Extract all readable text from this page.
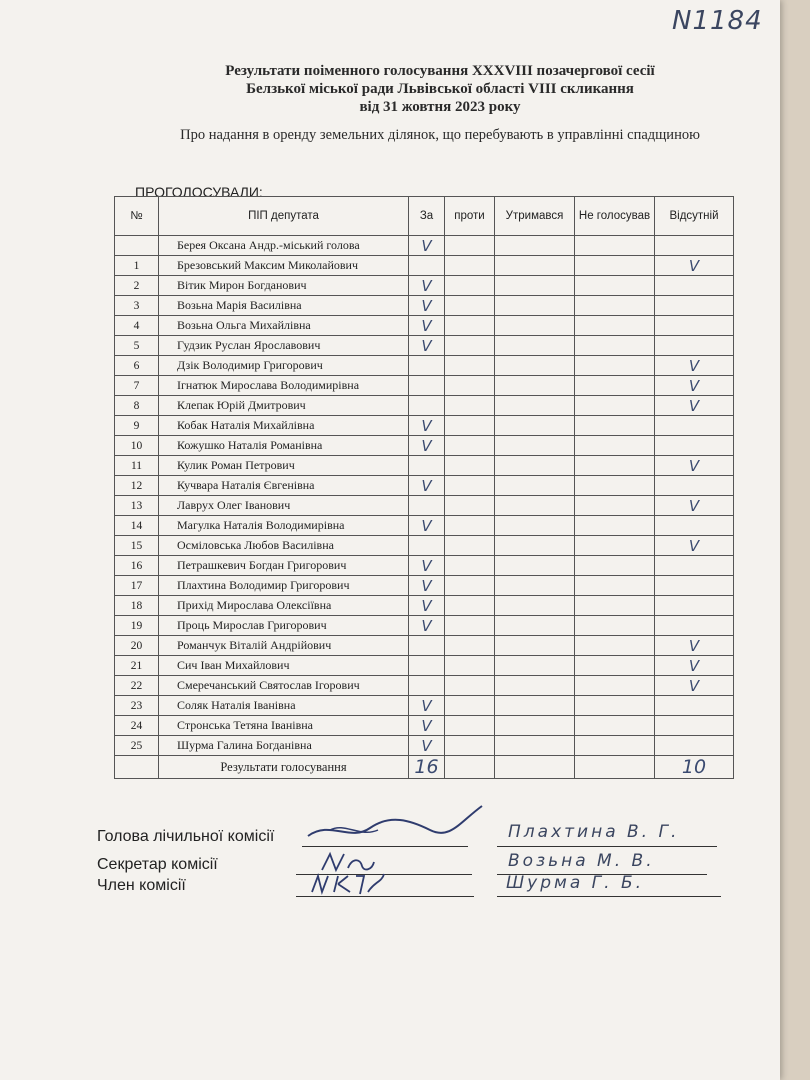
N1184
Результати поіменного голосування XXXVIII позачергової сесії
Белзької міської ради Львівської області VIII скликання
від 31 жовтня 2023 року
Про надання в оренду земельних ділянок, що перебувають в управлінні спадщиною
ПРОГОЛОСУВАЛИ:
№	ПІП депутата	За	проти	Утримався	Не голосував	Відсутній
	Берея Оксана Андр.-міський голова	V				
1	Брезовський Максим Миколайович					V
2	Вітик Мирон Богданович	V				
3	Возьна Марія Василівна	V				
4	Возьна Ольга Михайлівна	V				
5	Гудзик Руслан Ярославович	V				
6	Дзік Володимир Григорович					V
7	Ігнатюк Мирослава Володимирівна					V
8	Клепак Юрій Дмитрович					V
9	Кобак Наталія Михайлівна	V				
10	Кожушко Наталія Романівна	V				
11	Кулик Роман Петрович					V
12	Кучвара Наталія Євгенівна	V				
13	Лаврух Олег Іванович					V
14	Магулка Наталія Володимирівна	V				
15	Осміловська Любов Василівна					V
16	Петрашкевич Богдан Григорович	V				
17	Плахтина Володимир Григорович	V				
18	Прихід Мирослава Олексіївна	V				
19	Проць Мирослав Григорович	V				
20	Романчук Віталій Андрійович					V
21	Сич Іван Михайлович					V
22	Смеречанський Святослав Ігорович					V
23	Соляк Наталія Іванівна	V				
24	Стронська Тетяна Іванівна	V				
25	Шурма Галина Богданівна	V				
	Результати голосування	16				10
Голова лічильної комісії	Плахтина В. Г.
Секретар комісії	Возьна М. В.
Член комісії	Шурма Г. Б.
